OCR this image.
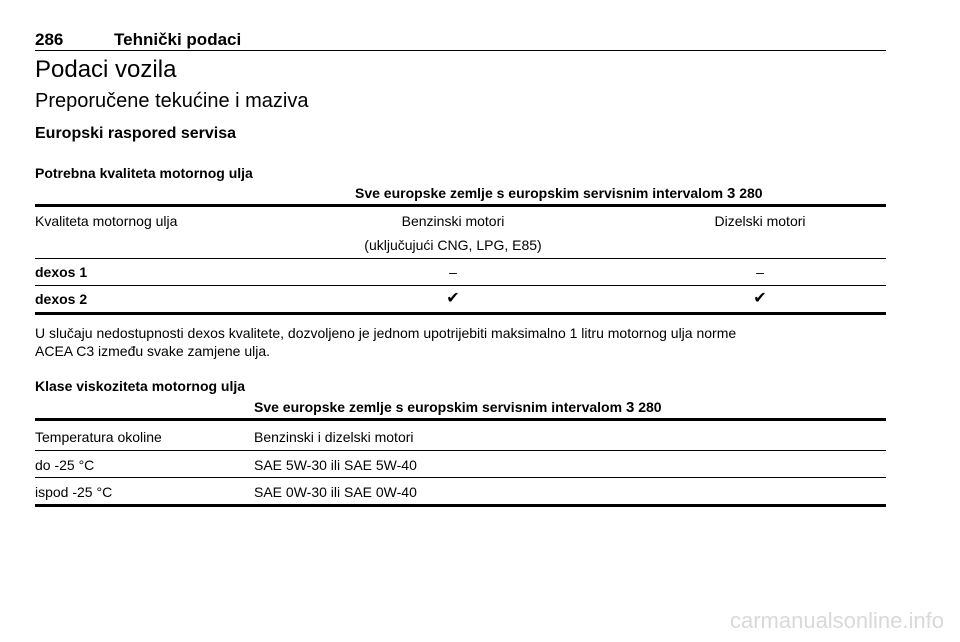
286	Tehnički podaci
Podaci vozila
Preporučene tekućine i maziva
Europski raspored servisa
Potrebna kvaliteta motornog ulja
Sve europske zemlje s europskim servisnim intervalom 3 280
Kvaliteta motornog ulja	Benzinski motori	Dizelski motori
(uključujući CNG, LPG, E85)
dexos 1	–	–
dexos 2	✔	✔
U slučaju nedostupnosti dexos kvalitete, dozvoljeno je jednom upotrijebiti maksimalno 1 litru motornog ulja norme
ACEA C3 između svake zamjene ulja.
Klase viskoziteta motornog ulja
Sve europske zemlje s europskim servisnim intervalom 3 280
Temperatura okoline	Benzinski i dizelski motori
do -25 °C	SAE 5W-30 ili SAE 5W-40
ispod -25 °C	SAE 0W-30 ili SAE 0W-40
carmanualsonline.info
